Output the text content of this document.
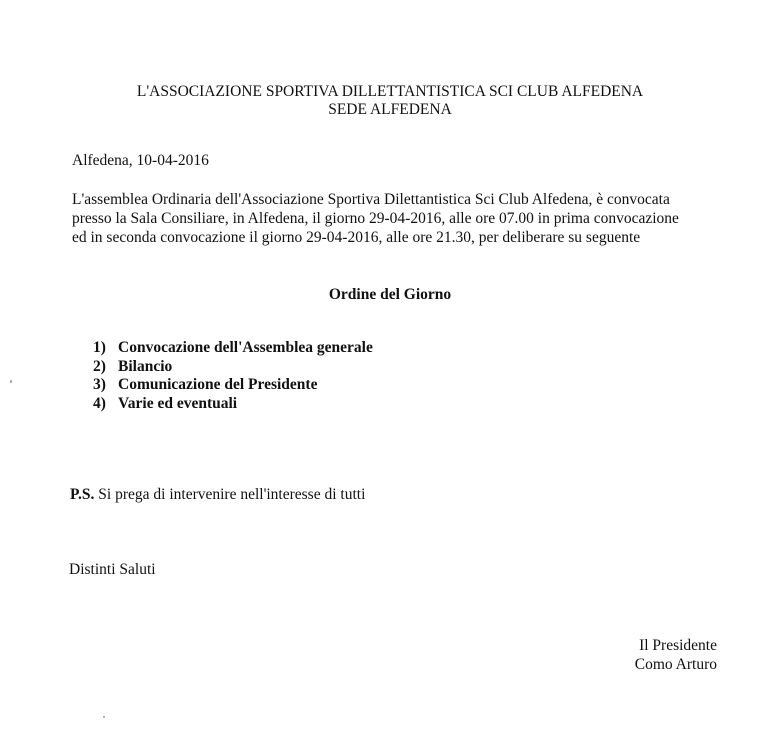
L'ASSOCIAZIONE SPORTIVA DILLETTANTISTICA SCI CLUB ALFEDENA
SEDE ALFEDENA
Alfedena, 10-04-2016
L'assemblea Ordinaria dell'Associazione Sportiva Dilettantistica Sci Club Alfedena, è convocata
presso la Sala Consiliare, in Alfedena, il giorno 29-04-2016, alle ore 07.00 in prima convocazione
ed in seconda convocazione il giorno 29-04-2016, alle ore 21.30, per deliberare su seguente
Ordine del Giorno
1) Convocazione dell'Assemblea generale
2) Bilancio
3) Comunicazione del Presidente
4) Varie ed eventuali
P.S. Si prega di intervenire nell'interesse di tutti
Distinti Saluti
Il Presidente
Como Arturo
